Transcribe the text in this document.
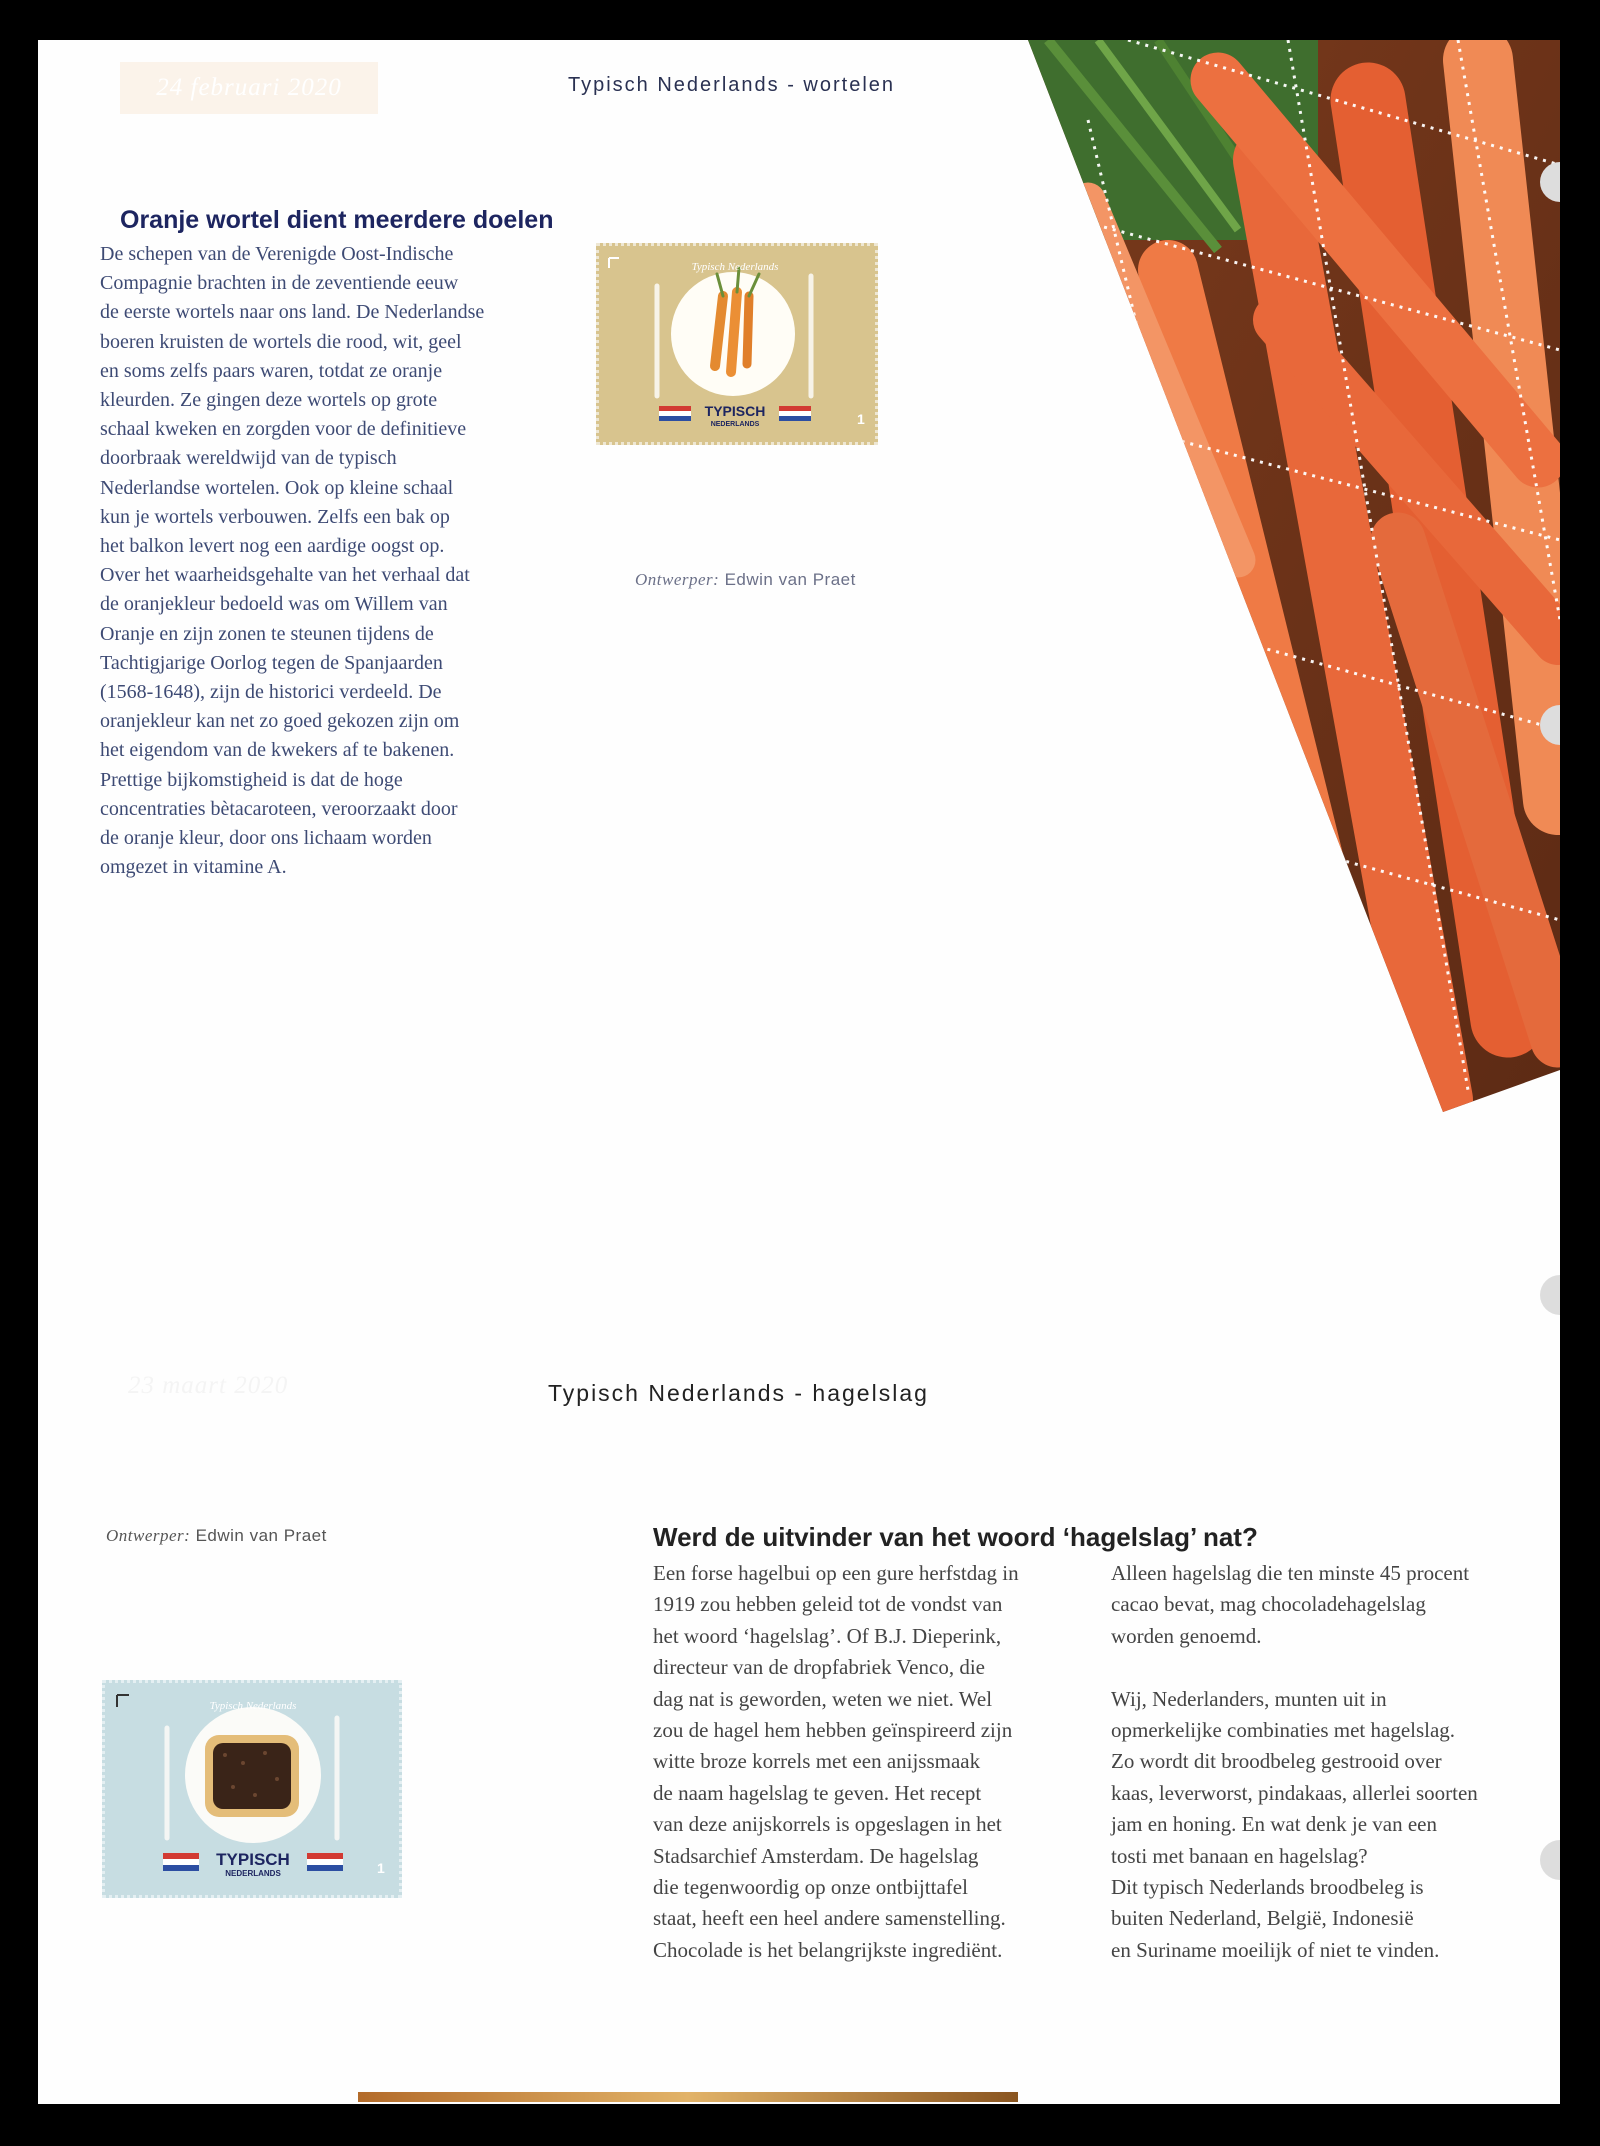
24 februari 2020	Typisch Nederlands - wortelen
Oranje wortel dient meerdere doelen
De schepen van de Verenigde Oost-Indische
Compagnie brachten in de zeventiende eeuw
de eerste wortels naar ons land. De Nederlandse
boeren kruisten de wortels die rood, wit, geel
en soms zelfs paars waren, totdat ze oranje
kleurden. Ze gingen deze wortels op grote
schaal kweken en zorgden voor de definitieve
doorbraak wereldwijd van de typisch
Nederlandse wortelen. Ook op kleine schaal
kun je wortels verbouwen. Zelfs een bak op
het balkon levert nog een aardige oogst op.
Over het waarheidsgehalte van het verhaal dat
de oranjekleur bedoeld was om Willem van
Oranje en zijn zonen te steunen tijdens de
Tachtigjarige Oorlog tegen de Spanjaarden
(1568-1648), zijn de historici verdeeld. De
oranjekleur kan net zo goed gekozen zijn om
het eigendom van de kwekers af te bakenen.
Prettige bijkomstigheid is dat de hoge
concentraties bètacaroteen, veroorzaakt door
de oranje kleur, door ons lichaam worden
omgezet in vitamine A.
Typisch Nederlands
TYPISCH
NEDERLANDS	1
Ontwerper: Edwin van Praet
23 maart 2020	Typisch Nederlands - hagelslag
Ontwerper: Edwin van Praet
Typisch Nederlands
TYPISCH
NEDERLANDS	1
Werd de uitvinder van het woord ‘hagelslag’ nat?
Een forse hagelbui op een gure herfstdag in
1919 zou hebben geleid tot de vondst van
het woord ‘hagelslag’. Of B.J. Dieperink,
directeur van de dropfabriek Venco, die
dag nat is geworden, weten we niet. Wel
zou de hagel hem hebben geïnspireerd zijn
witte broze korrels met een anijssmaak
de naam hagelslag te geven. Het recept
van deze anijskorrels is opgeslagen in het
Stadsarchief Amsterdam. De hagelslag
die tegenwoordig op onze ontbijttafel
staat, heeft een heel andere samenstelling.
Chocolade is het belangrijkste ingrediënt.
Alleen hagelslag die ten minste 45 procent
cacao bevat, mag chocoladehagelslag
worden genoemd.
Wij, Nederlanders, munten uit in
opmerkelijke combinaties met hagelslag.
Zo wordt dit broodbeleg gestrooid over
kaas, leverworst, pindakaas, allerlei soorten
jam en honing. En wat denk je van een
tosti met banaan en hagelslag?
Dit typisch Nederlands broodbeleg is
buiten Nederland, België, Indonesië
en Suriname moeilijk of niet te vinden.
